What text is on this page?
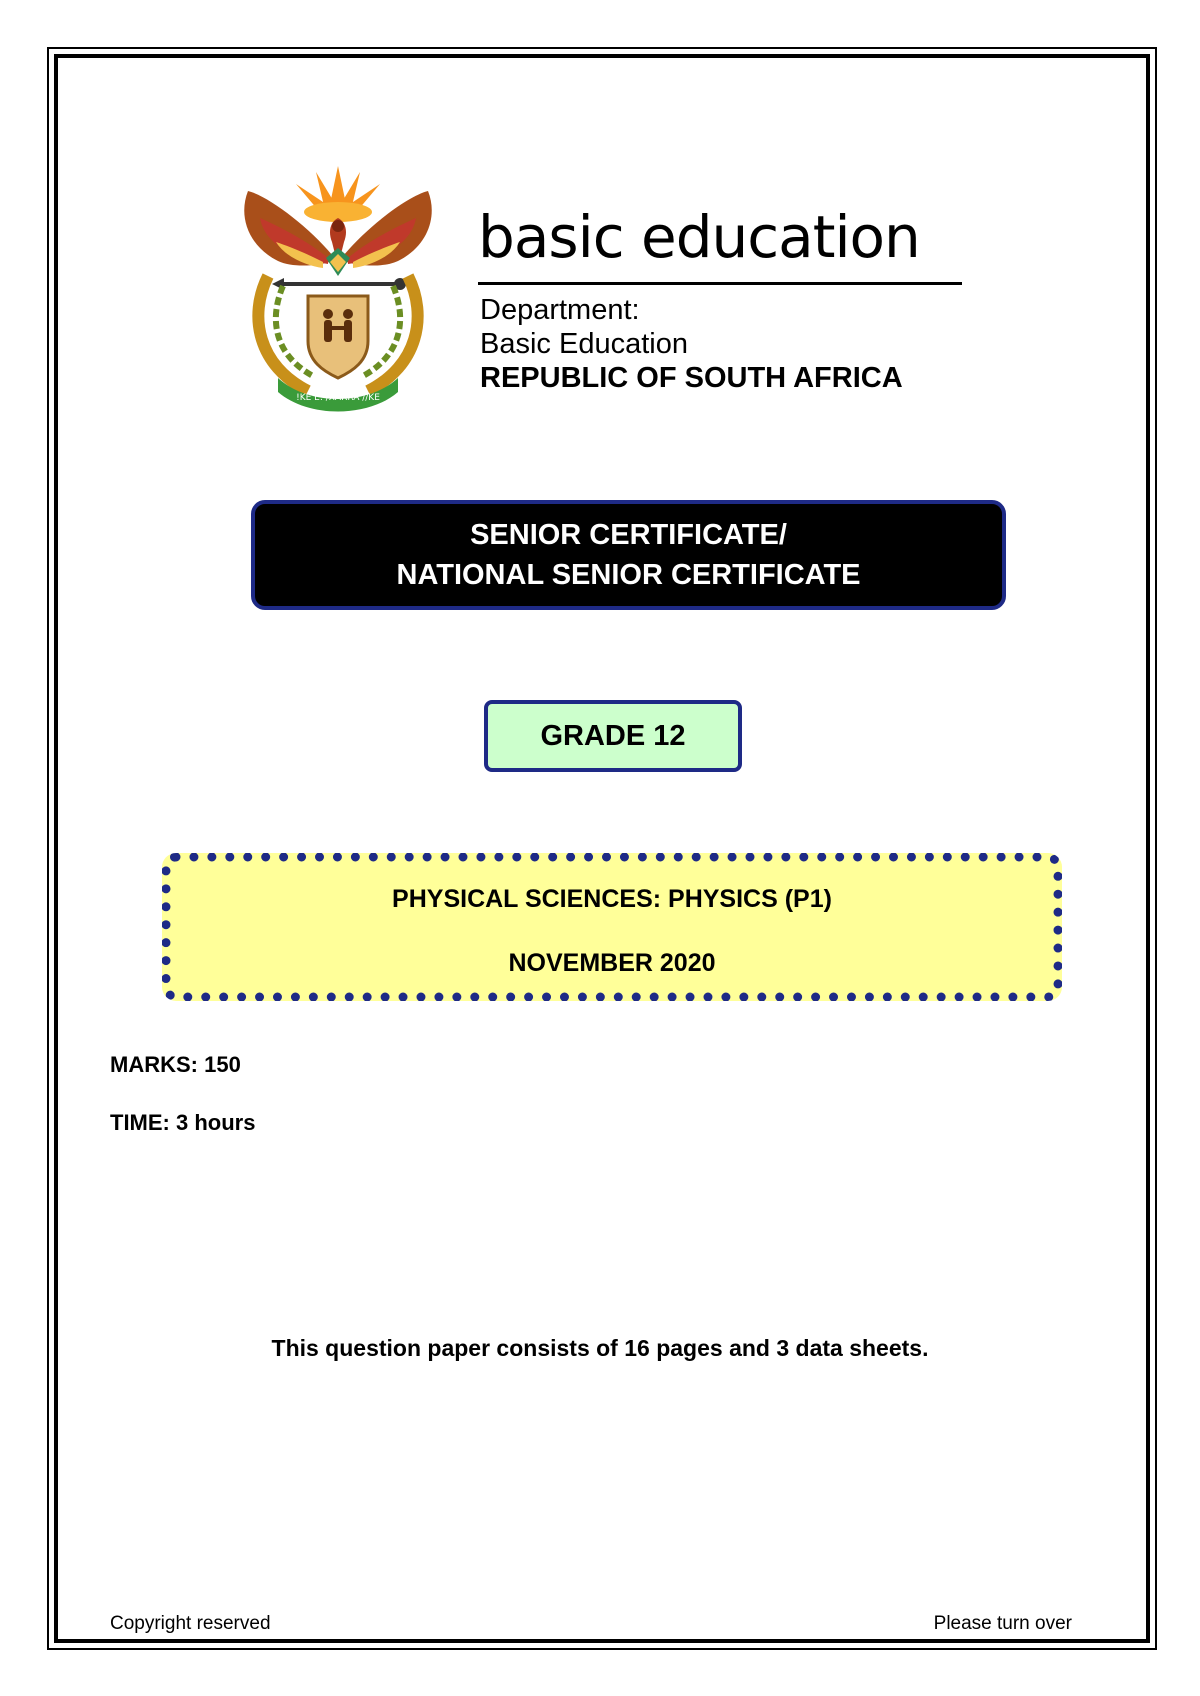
!KE E: /XARRA //KE
basic education
Department:
Basic Education
REPUBLIC OF SOUTH AFRICA
SENIOR CERTIFICATE/
NATIONAL SENIOR CERTIFICATE
GRADE 12
PHYSICAL SCIENCES: PHYSICS (P1)
NOVEMBER 2020
MARKS: 150
TIME: 3 hours
This question paper consists of 16 pages and 3 data sheets.
Copyright reserved	Please turn over
